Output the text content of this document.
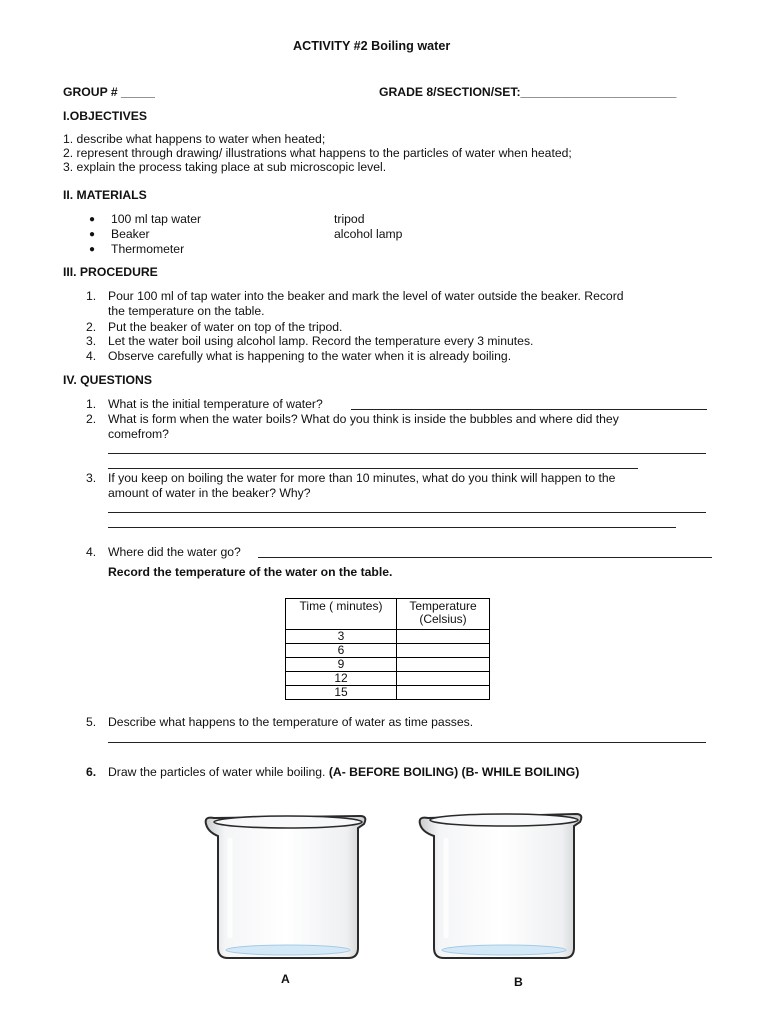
ACTIVITY #2 Boiling water
GROUP # _____	GRADE 8/SECTION/SET:_______________________
I.OBJECTIVES
1. describe what happens to water when heated;
2. represent through drawing/ illustrations what happens to the particles of water when heated;
3. explain the process taking place at sub microscopic level.
II. MATERIALS
● 100 ml tap water
● Beaker
● Thermometer
tripod
alcohol lamp
III. PROCEDURE
1. Pour 100 ml of tap water into the beaker and mark the level of water outside the beaker. Record
the temperature on the table.
2. Put the beaker of water on top of the tripod.
3. Let the water boil using alcohol lamp. Record the temperature every 3 minutes.
4. Observe carefully what is happening to the water when it is already boiling.
IV. QUESTIONS
1. What is the initial temperature of water?
2. What is form when the water boils? What do you think is inside the bubbles and where did they
comefrom?
3. If you keep on boiling the water for more than 10 minutes, what do you think will happen to the
amount of water in the beaker? Why?
4. Where did the water go?
Record the temperature of the water on the table.
Time ( minutes)	Temperature
(Celsius)

3	
6	
9	
12	
15	
5. Describe what happens to the temperature of water as time passes.
6. Draw the particles of water while boiling. (A- BEFORE BOILING) (B- WHILE BOILING)
A	B
